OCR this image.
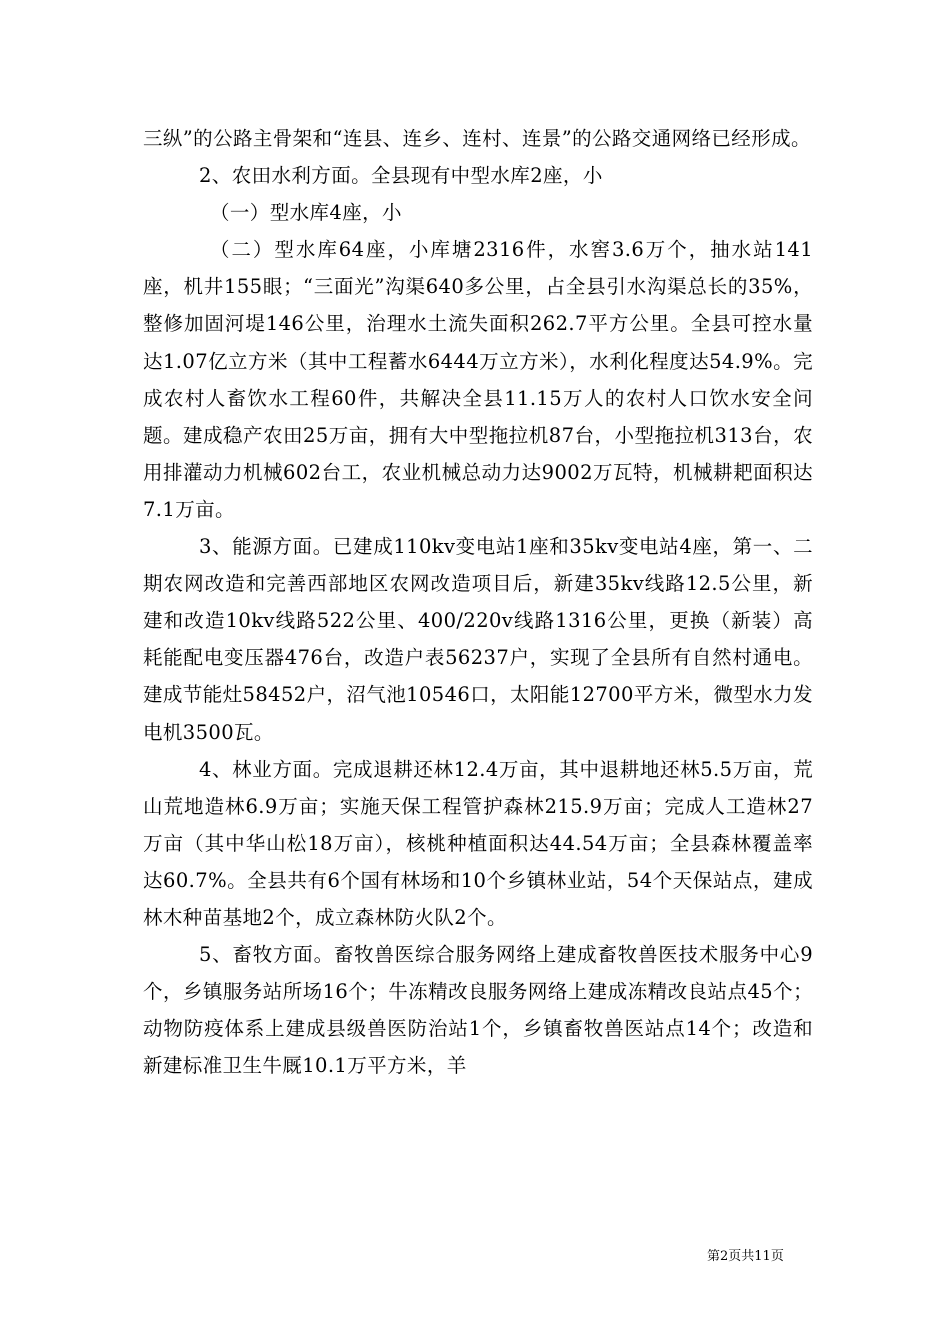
三纵”的公路主骨架和“连县、连乡、连村、连景”的公路交通网络已经形成。

2、农田水利方面。全县现有中型水库2座，小

（一）型水库4座，小

（二）型水库64座，小库塘2316件，水窖3.6万个，抽水站141座，机井155眼；“三面光”沟渠640多公里，占全县引水沟渠总长的35%，整修加固河堤146公里，治理水土流失面积262.7平方公里。全县可控水量达1.07亿立方米（其中工程蓄水6444万立方米），水利化程度达54.9%。完成农村人畜饮水工程60件，共解决全县11.15万人的农村人口饮水安全问题。建成稳产农田25万亩，拥有大中型拖拉机87台，小型拖拉机313台，农用排灌动力机械602台工，农业机械总动力达9002万瓦特，机械耕耙面积达7.1万亩。

3、能源方面。已建成110kv变电站1座和35kv变电站4座，第一、二期农网改造和完善西部地区农网改造项目后，新建35kv线路12.5公里，新建和改造10kv线路522公里、400/220v线路1316公里，更换（新装）高耗能配电变压器476台，改造户表56237户，实现了全县所有自然村通电。建成节能灶58452户，沼气池10546口，太阳能12700平方米，微型水力发电机3500瓦。

4、林业方面。完成退耕还林12.4万亩，其中退耕地还林5.5万亩，荒山荒地造林6.9万亩；实施天保工程管护森林215.9万亩；完成人工造林27万亩（其中华山松18万亩），核桃种植面积达44.54万亩；全县森林覆盖率达60.7%。全县共有6个国有林场和10个乡镇林业站，54个天保站点，建成林木种苗基地2个，成立森林防火队2个。

5、畜牧方面。畜牧兽医综合服务网络上建成畜牧兽医技术服务中心9个，乡镇服务站所场16个；牛冻精改良服务网络上建成冻精改良站点45个；动物防疫体系上建成县级兽医防治站1个，乡镇畜牧兽医站点14个；改造和新建标准卫生牛厩10.1万平方米，羊

第2页共11页
